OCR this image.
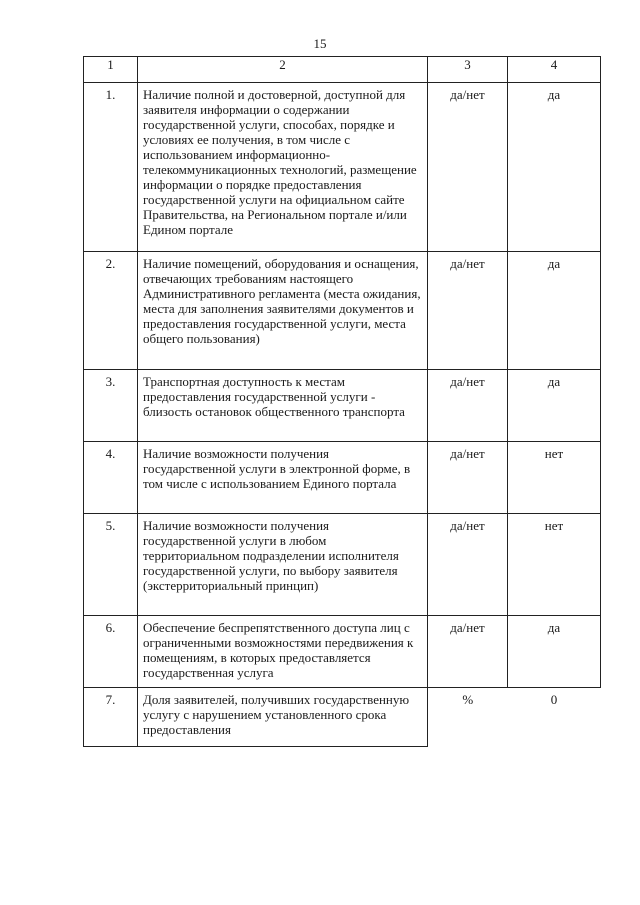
15
1	2	3	4
1.	Наличие полной и достоверной, доступной для заявителя информации о содержании государственной услуги, способах, порядке и условиях ее получения, в том числе с использованием информационно-телекоммуникационных технологий, размещение информации о порядке предоставления государственной услуги на официальном сайте Правительства, на Региональном портале и/или Едином портале	да/нет	да
2.	Наличие помещений, оборудования и оснащения, отвечающих требованиям настоящего Административного регламента (места ожидания, места для заполнения заявителями документов и предоставления государственной услуги, места общего пользования)	да/нет	да
3.	Транспортная доступность к местам предоставления государственной услуги - близость остановок общественного транспорта	да/нет	да
4.	Наличие возможности получения государственной услуги в электронной форме, в том числе с использованием Единого портала	да/нет	нет
5.	Наличие возможности получения государственной услуги в любом территориальном подразделении исполнителя государственной услуги, по выбору заявителя (экстерриториальный принцип)	да/нет	нет
6.	Обеспечение беспрепятственного доступа лиц с ограниченными возможностями передвижения к помещениям, в которых предоставляется государственная услуга	да/нет	да
7.	Доля заявителей, получивших государственную услугу с нарушением установленного срока предоставления	%	0
